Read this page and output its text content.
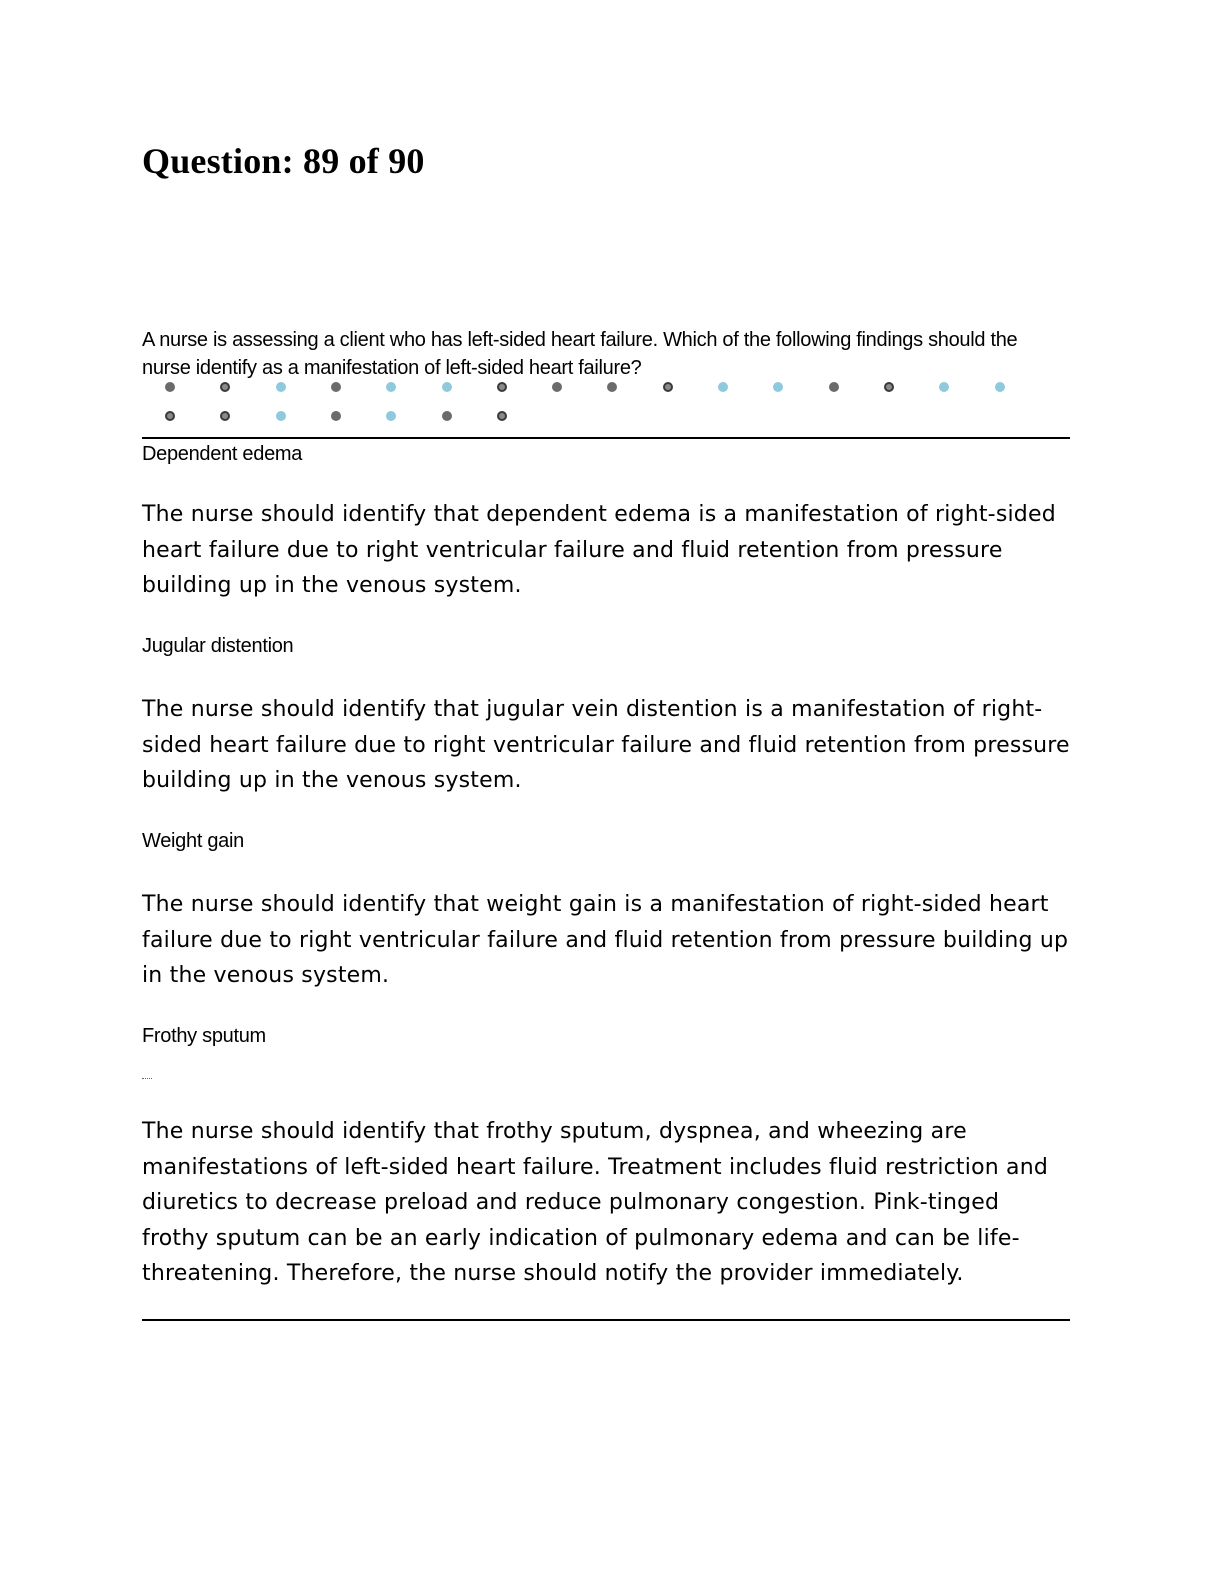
Question: 89 of 90
A nurse is assessing a client who has left-sided heart failure. Which of the following findings should the nurse identify as a manifestation of left-sided heart failure?
Dependent edema
The nurse should identify that dependent edema is a manifestation of right-sided heart failure due to right ventricular failure and fluid retention from pressure building up in the venous system.
Jugular distention
The nurse should identify that jugular vein distention is a manifestation of right-sided heart failure due to right ventricular failure and fluid retention from pressure building up in the venous system.
Weight gain
The nurse should identify that weight gain is a manifestation of right-sided heart failure due to right ventricular failure and fluid retention from pressure building up in the venous system.
Frothy sputum
The nurse should identify that frothy sputum, dyspnea, and wheezing are manifestations of left-sided heart failure. Treatment includes fluid restriction and diuretics to decrease preload and reduce pulmonary congestion. Pink-tinged frothy sputum can be an early indication of pulmonary edema and can be life-threatening. Therefore, the nurse should notify the provider immediately.
